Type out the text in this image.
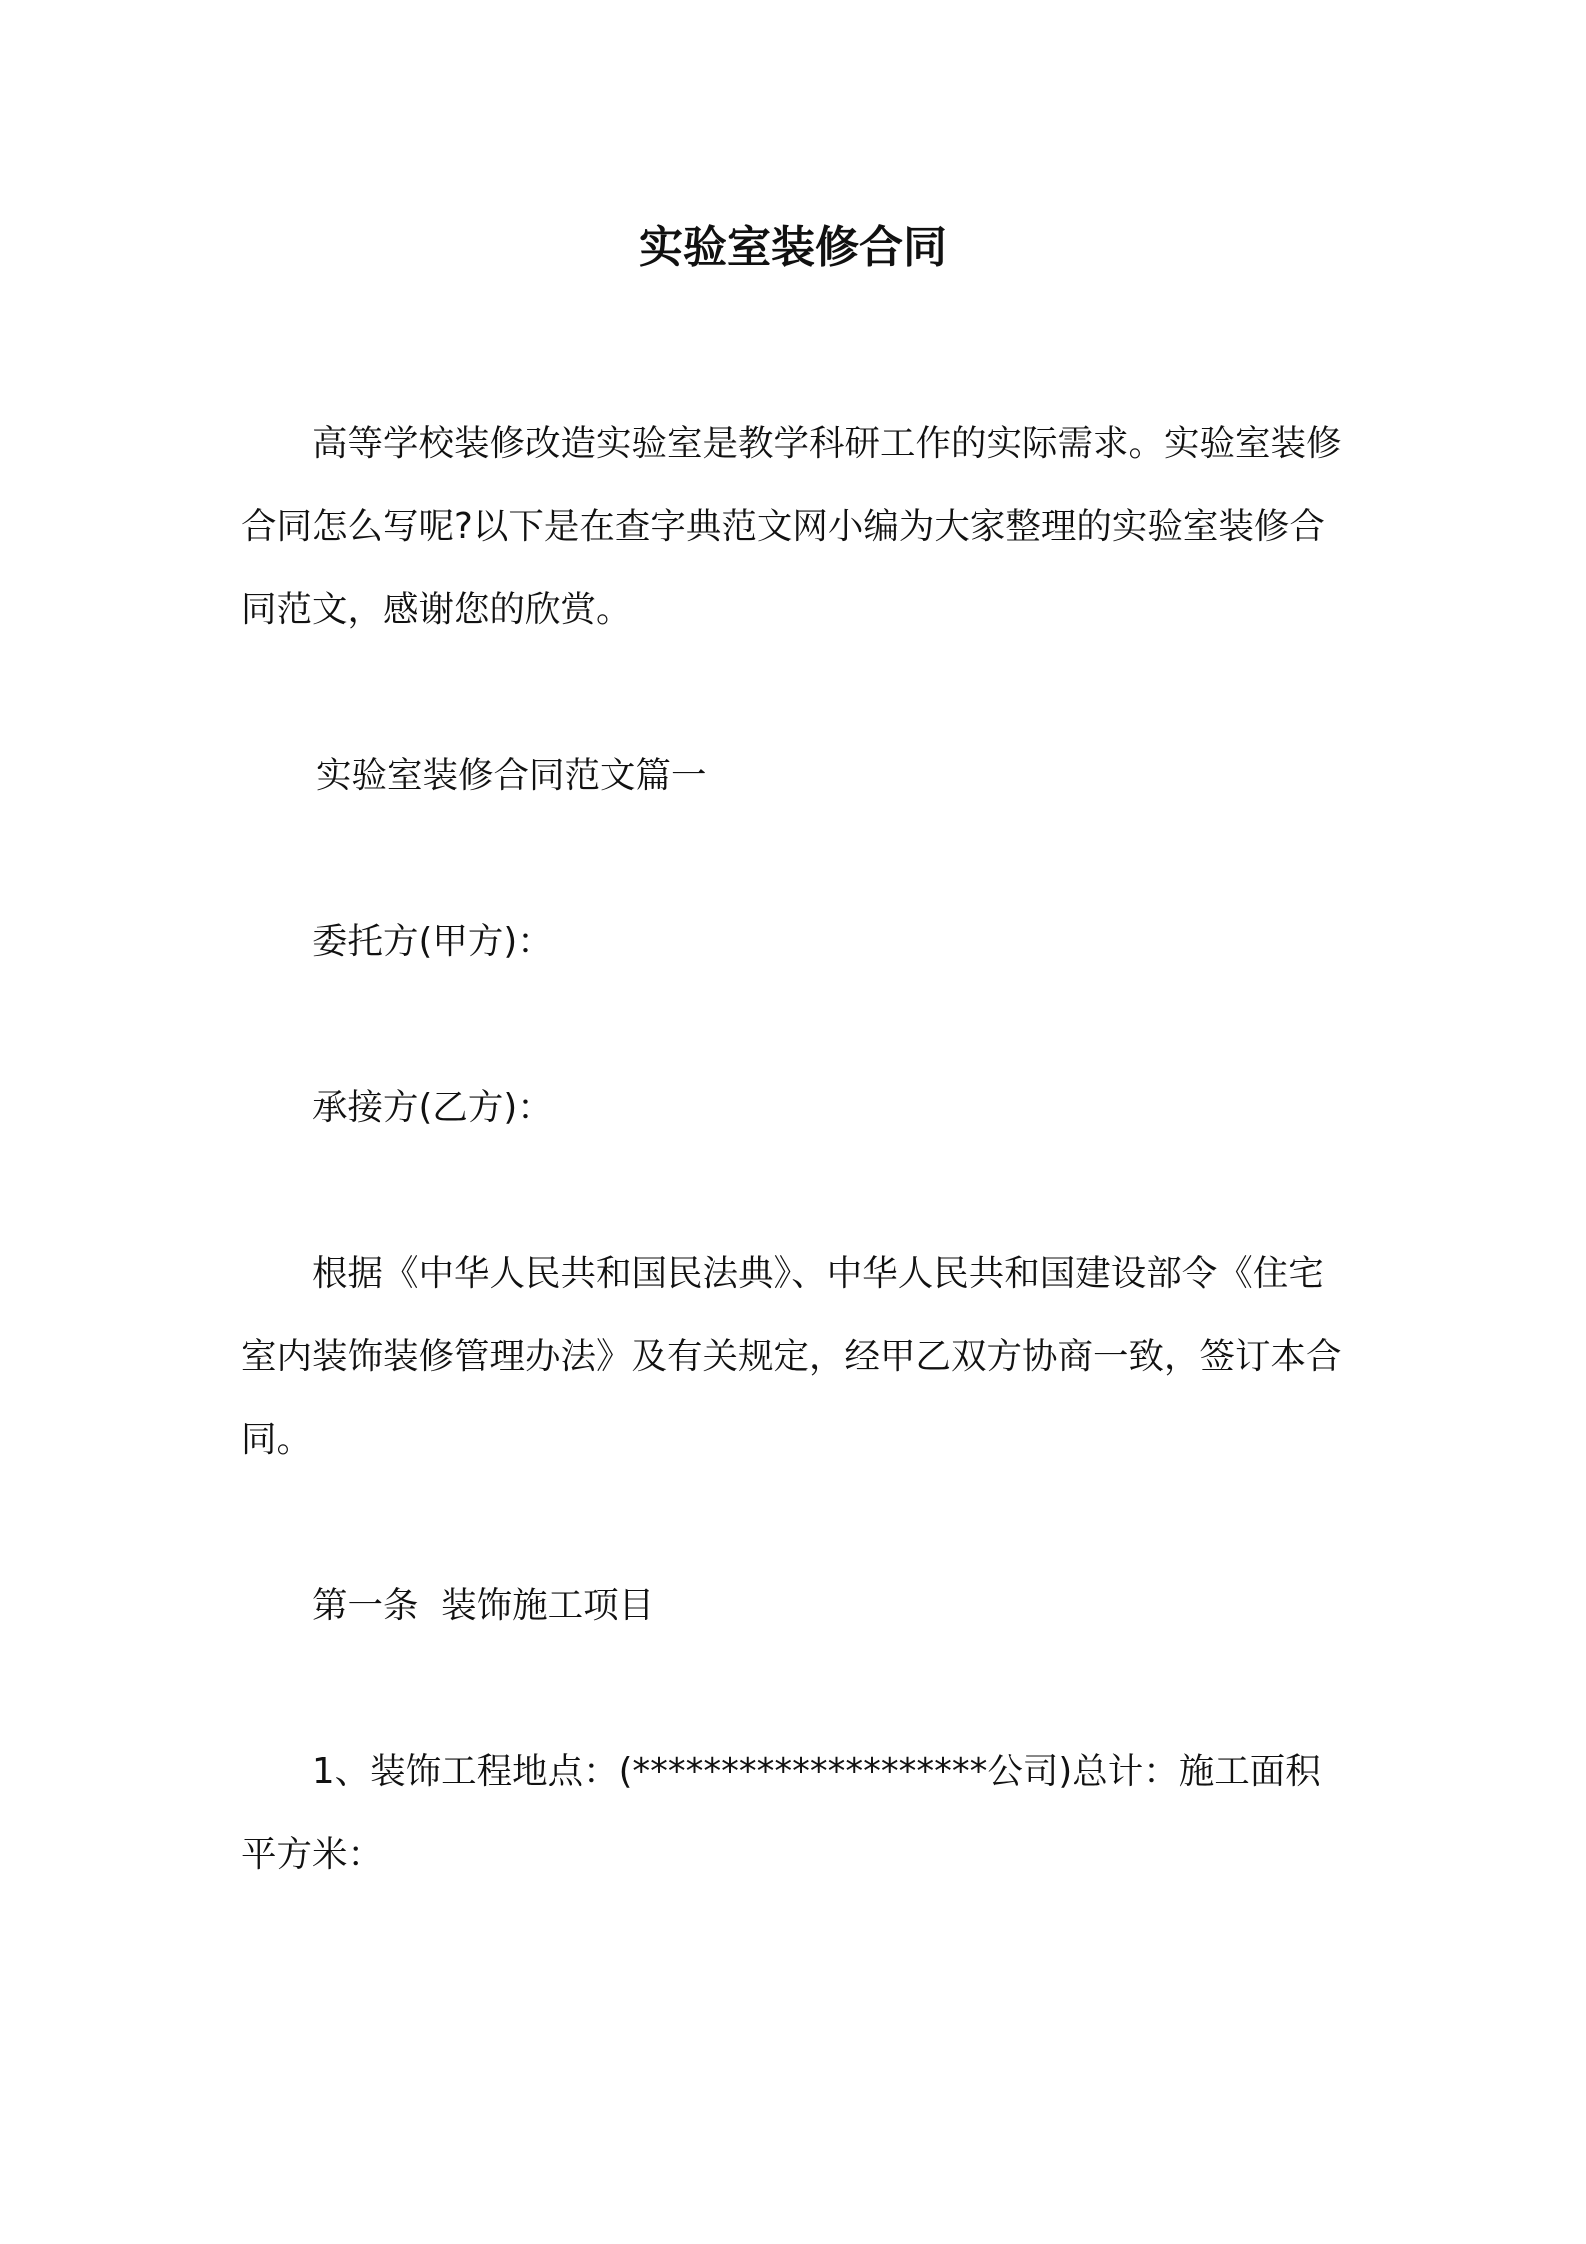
实验室装修合同

高等学校装修改造实验室是教学科研工作的实际需求。实验室装修合同怎么写呢?以下是在查字典范文网小编为大家整理的实验室装修合同范文，感谢您的欣赏。

实验室装修合同范文篇一

委托方(甲方)：

承接方(乙方)：

根据《中华人民共和国民法典》、中华人民共和国建设部令《住宅室内装饰装修管理办法》及有关规定，经甲乙双方协商一致，签订本合同。

第一条  装饰施工项目

1、装饰工程地点：(********************公司)总计：施工面积平方米：
